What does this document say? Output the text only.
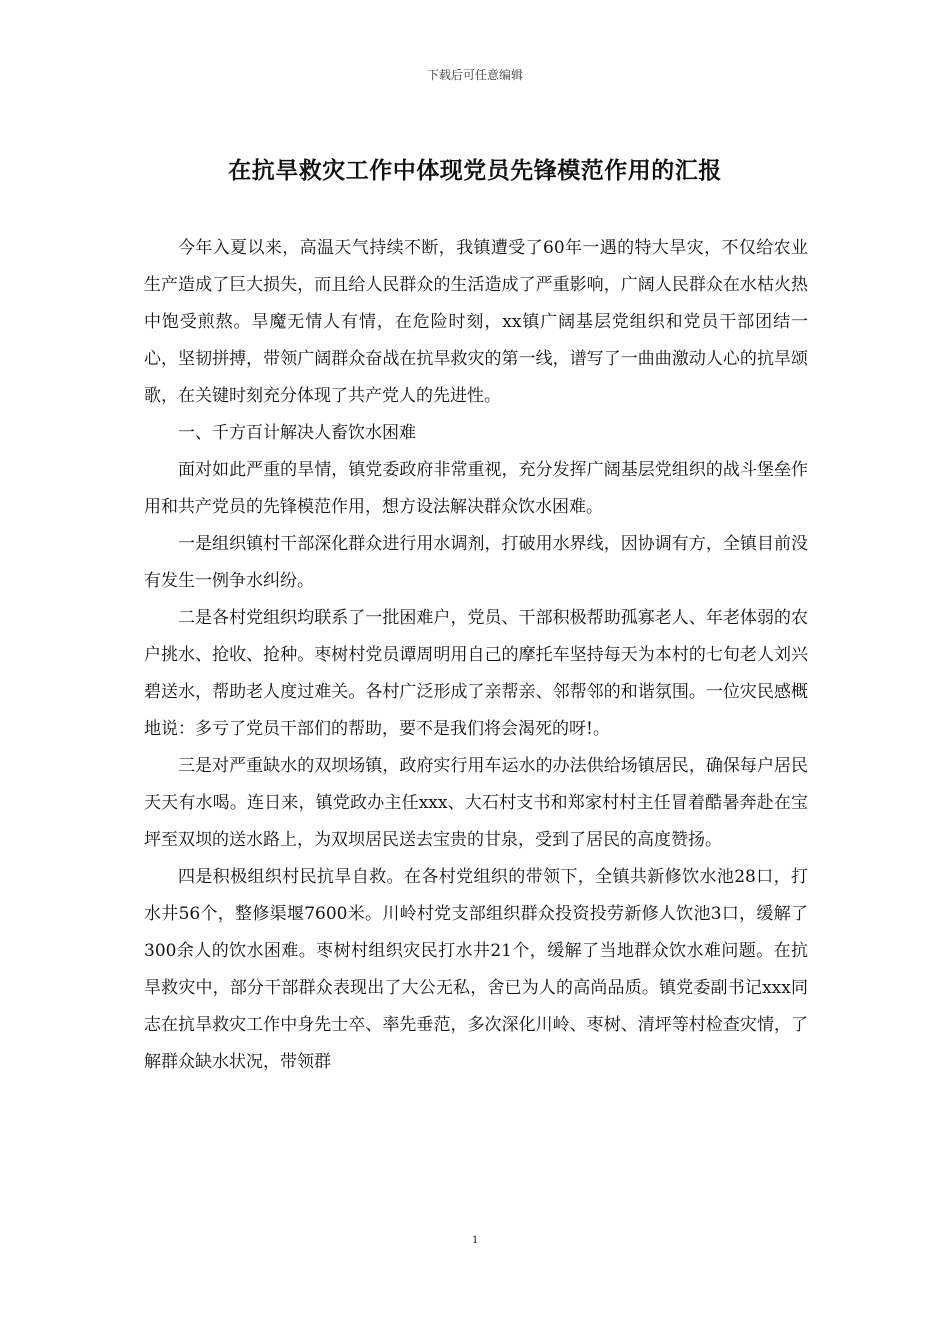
下载后可任意编辑
在抗旱救灾工作中体现党员先锋模范作用的汇报

今年入夏以来，高温天气持续不断，我镇遭受了60年一遇的特大旱灾，不仅给农业生产造成了巨大损失，而且给人民群众的生活造成了严重影响，广阔人民群众在水枯火热中饱受煎熬。旱魔无情人有情，在危险时刻，xx镇广阔基层党组织和党员干部团结一心，坚韧拼搏，带领广阔群众奋战在抗旱救灾的第一线，谱写了一曲曲激动人心的抗旱颂歌，在关键时刻充分体现了共产党人的先进性。

一、千方百计解决人畜饮水困难

面对如此严重的旱情，镇党委政府非常重视，充分发挥广阔基层党组织的战斗堡垒作用和共产党员的先锋模范作用，想方设法解决群众饮水困难。

一是组织镇村干部深化群众进行用水调剂，打破用水界线，因协调有方，全镇目前没有发生一例争水纠纷。

二是各村党组织均联系了一批困难户，党员、干部积极帮助孤寡老人、年老体弱的农户挑水、抢收、抢种。枣树村党员谭周明用自己的摩托车坚持每天为本村的七旬老人刘兴碧送水，帮助老人度过难关。各村广泛形成了亲帮亲、邻帮邻的和谐氛围。一位灾民感概地说：多亏了党员干部们的帮助，要不是我们将会渴死的呀!。

三是对严重缺水的双坝场镇，政府实行用车运水的办法供给场镇居民，确保每户居民天天有水喝。连日来，镇党政办主任xxx、大石村支书和郑家村村主任冒着酷暑奔赴在宝坪至双坝的送水路上，为双坝居民送去宝贵的甘泉，受到了居民的高度赞扬。

四是积极组织村民抗旱自救。在各村党组织的带领下，全镇共新修饮水池28口，打水井56个，整修渠堰7600米。川岭村党支部组织群众投资投劳新修人饮池3口，缓解了300余人的饮水困难。枣树村组织灾民打水井21个，缓解了当地群众饮水难问题。在抗旱救灾中，部分干部群众表现出了大公无私，舍已为人的高尚品质。镇党委副书记xxx同志在抗旱救灾工作中身先士卒、率先垂范，多次深化川岭、枣树、清坪等村检查灾情，了解群众缺水状况，带领群

1
